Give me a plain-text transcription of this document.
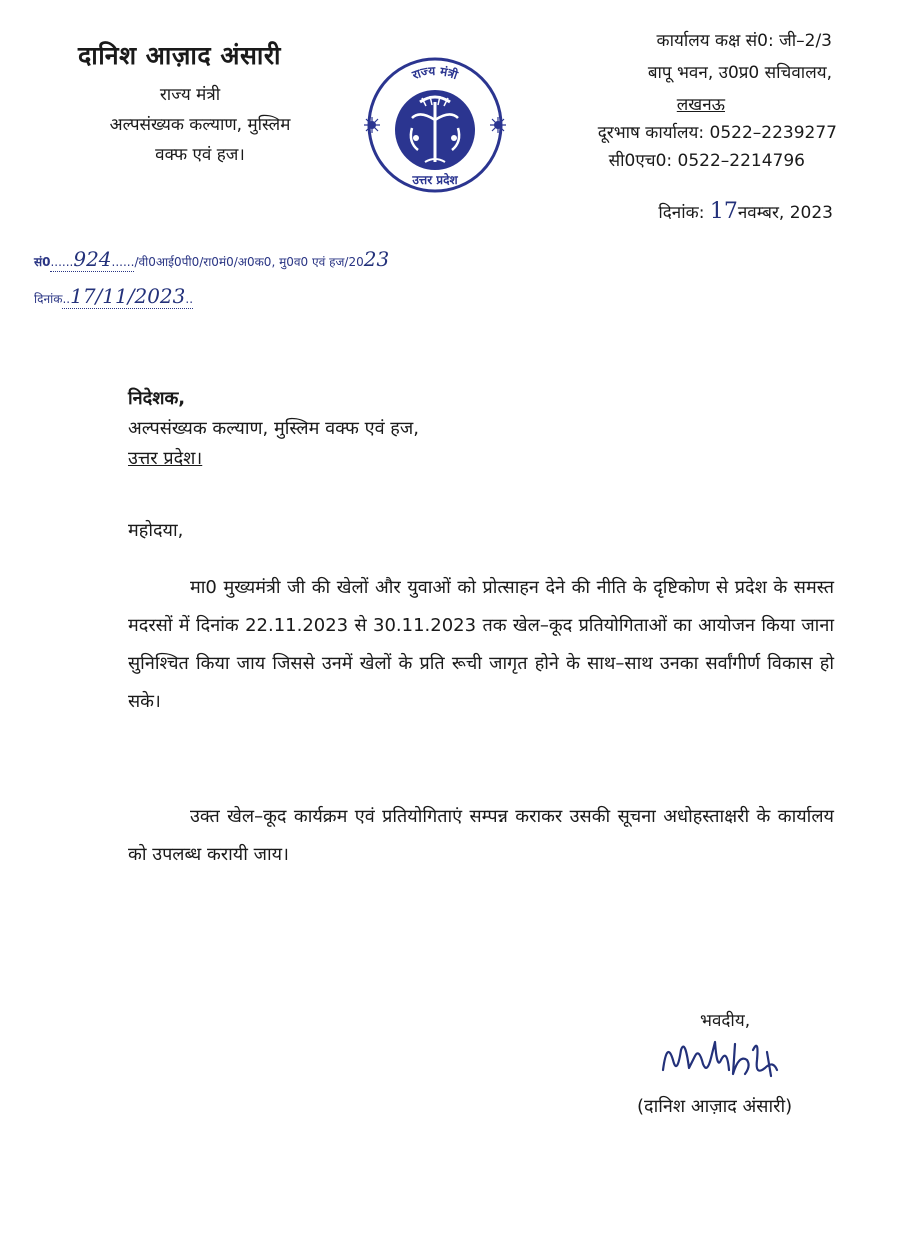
दानिश आज़ाद अंसारी
राज्य मंत्री
अल्पसंख्यक कल्याण, मुस्लिम
वक्फ एवं हज।
राज्य मंत्री
उत्तर प्रदेश
कार्यालय कक्ष सं0: जी–2/3
बापू भवन, उ0प्र0 सचिवालय,
लखनऊ
दूरभाष कार्यालय: 0522–2239277
सी0एच0: 0522–2214796
दिनांक: 17नवम्बर, 2023
सं0......924....../वी0आई0पी0/रा0मं0/अ0क0, मु0व0 एवं हज/2023
दिनांक..17/11/2023..
निदेशक,
अल्पसंख्यक कल्याण, मुस्लिम वक्फ एवं हज,
उत्तर प्रदेश।
महोदया,
मा0 मुख्यमंत्री जी की खेलों और युवाओं को प्रोत्साहन देने की नीति के दृष्टिकोण से प्रदेश के समस्त मदरसों में दिनांक 22.11.2023 से 30.11.2023 तक खेल–कूद प्रतियोगिताओं का आयोजन किया जाना सुनिश्चित किया जाय जिससे उनमें खेलों के प्रति रूची जागृत होने के साथ–साथ उनका सर्वांगीर्ण विकास हो सके।
उक्त खेल–कूद कार्यक्रम एवं प्रतियोगिताएं सम्पन्न कराकर उसकी सूचना अधोहस्ताक्षरी के कार्यालय को उपलब्ध करायी जाय।
भवदीय,
(दानिश आज़ाद अंसारी)
